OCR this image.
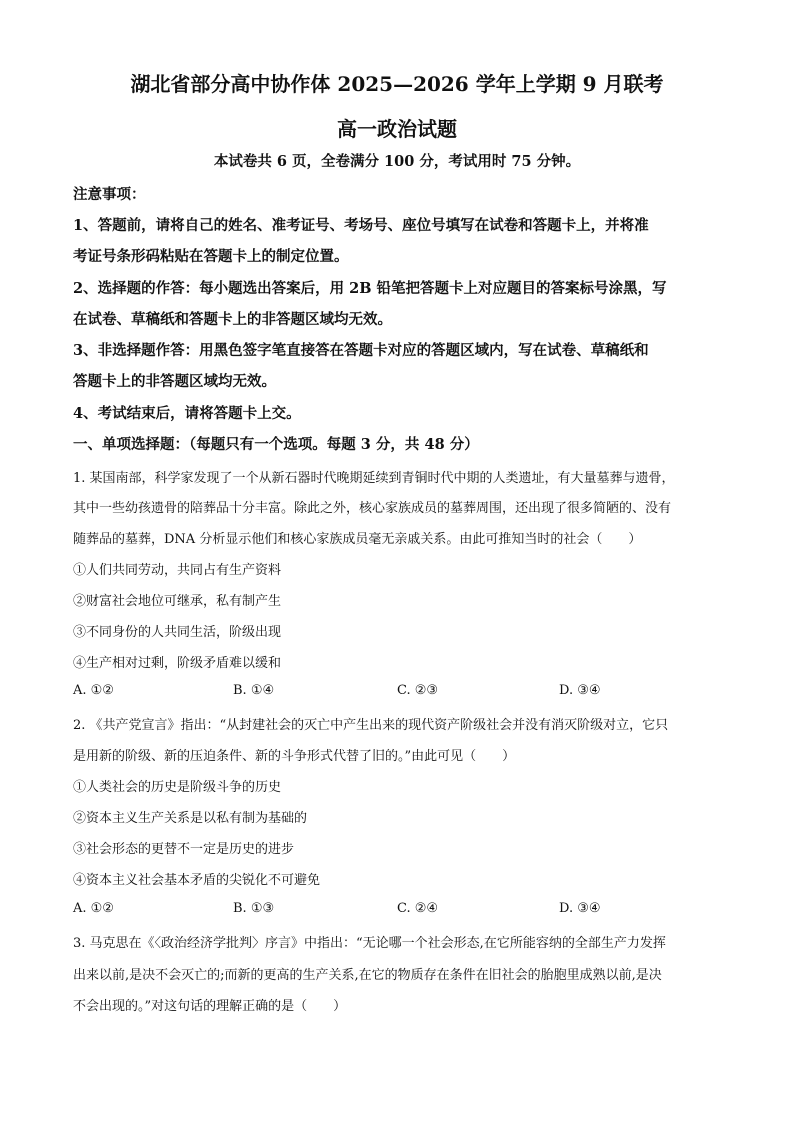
湖北省部分高中协作体 2025—2026 学年上学期 9 月联考
高一政治试题
本试卷共 6 页，全卷满分 100 分，考试用时 75 分钟。
注意事项：
1、答题前，请将自己的姓名、准考证号、考场号、座位号填写在试卷和答题卡上，并将准
考证号条形码粘贴在答题卡上的制定位置。
2、选择题的作答：每小题选出答案后，用 2B 铅笔把答题卡上对应题目的答案标号涂黑，写
在试卷、草稿纸和答题卡上的非答题区域均无效。
3、非选择题作答：用黑色签字笔直接答在答题卡对应的答题区域内，写在试卷、草稿纸和
答题卡上的非答题区域均无效。
4、考试结束后，请将答题卡上交。
一、单项选择题：（每题只有一个选项。每题 3 分，共 48 分）
1. 某国南部，科学家发现了一个从新石器时代晚期延续到青铜时代中期的人类遗址，有大量墓葬与遗骨，
其中一些幼孩遗骨的陪葬品十分丰富。除此之外，核心家族成员的墓葬周围，还出现了很多简陋的、没有
随葬品的墓葬，DNA 分析显示他们和核心家族成员毫无亲戚关系。由此可推知当时的社会（　　）
①人们共同劳动，共同占有生产资料
②财富社会地位可继承，私有制产生
③不同身份的人共同生活，阶级出现
④生产相对过剩，阶级矛盾难以缓和
A. ①②	B. ①④	C. ②③	D. ③④
2. 《共产党宣言》指出：“从封建社会的灭亡中产生出来的现代资产阶级社会并没有消灭阶级对立，它只
是用新的阶级、新的压迫条件、新的斗争形式代替了旧的。”由此可见（　　）
①人类社会的历史是阶级斗争的历史
②资本主义生产关系是以私有制为基础的
③社会形态的更替不一定是历史的进步
④资本主义社会基本矛盾的尖锐化不可避免
A. ①②	B. ①③	C. ②④	D. ③④
3. 马克思在《〈政治经济学批判〉序言》中指出：“无论哪一个社会形态,在它所能容纳的全部生产力发挥
出来以前,是决不会灭亡的;而新的更高的生产关系,在它的物质存在条件在旧社会的胎胞里成熟以前,是决
不会出现的。”对这句话的理解正确的是（　　）
